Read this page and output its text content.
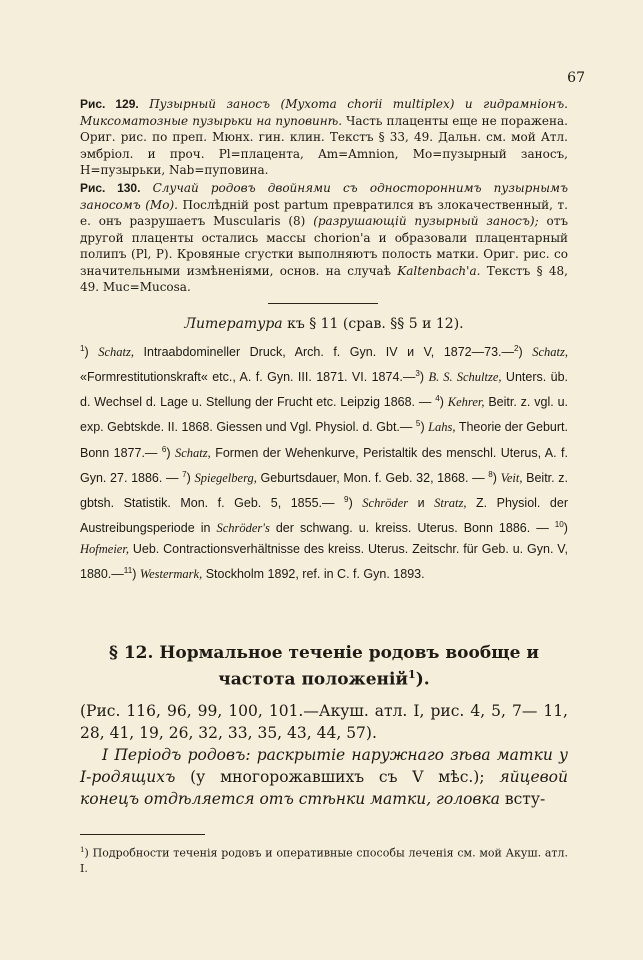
67

Рис. 129. Пузырный заносъ (Myxoma chorii multiplex) и гидрамніонъ. Миксоматозные пузырьки на пуповинѣ. Часть плаценты еще не поражена. Ориг. рис. по преп. Мюнх. гин. клин. Текстъ § 33, 49. Дальн. см. мой Атл. эмбріол. и проч. Pl=плацента, Am=Amnion, Mo=пузырный заносъ, H=пузырьки, Nab=пуповина.

Рис. 130. Случай родовъ двойнями съ одностороннимъ пузырнымъ заносомъ (Mo). Послѣдній post partum превратился въ злокачественный, т. е. онъ разрушаетъ Muscularis (8) (разрушающій пузырный заносъ); отъ другой плаценты остались массы chorion'a и образовали плацентарный полипъ (Pl, P). Кровяные сгустки выполняютъ полость матки. Ориг. рис. со значительными измѣненіями, основ. на случаѣ Kaltenbach'a. Текстъ § 48, 49. Muc=Mucosa.

Литература къ § 11 (срав. §§ 5 и 12).

$^1$) Schatz, Intraabdomineller Druck, Arch. f. Gyn. IV и V, 1872—73.—$^2$) Schatz, «Formrestitutionskraft« etc., A. f. Gyn. III. 1871. VI. 1874.—$^3$) B. S. Schultze, Unters. üb. d. Wechsel d. Lage u. Stellung der Frucht etc. Leipzig 1868. — $^4$) Kehrer, Beitr. z. vgl. u. exp. Gebtskde. II. 1868. Giessen und Vgl. Physiol. d. Gbt.— $^5$) Lahs, Theorie der Geburt. Bonn 1877.— $^6$) Schatz, Formen der Wehenkurve, Peristaltik des menschl. Uterus, A. f. Gyn. 27. 1886. — $^7$) Spiegelberg, Geburtsdauer, Mon. f. Geb. 32, 1868. — $^8$) Veit, Beitr. z. gbtsh. Statistik. Mon. f. Geb. 5, 1855.— $^9$) Schröder и Stratz, Z. Physiol. der Austreibungsperiode in Schröder's der schwang. u. kreiss. Uterus. Bonn 1886. — $^{10}$) Hofmeier, Ueb. Contractionsverhältnisse des kreiss. Uterus. Zeitschr. für Geb. u. Gyn. V, 1880.—$^{11}$) Westermark, Stockholm 1892, ref. in C. f. Gyn. 1893.

§ 12. Нормальное теченіе родовъ вообще и частота положеній$^1$).
(Рис. 116, 96, 99, 100, 101.—Акуш. атл. I, рис. 4, 5, 7— 11, 28, 41, 19, 26, 32, 33, 35, 43, 44, 57).
I Періодъ родовъ: раскрытіе наружнаго зѣва матки у I-родящихъ (у многорожавшихъ съ V мѣс.); яйцевой конецъ отдѣляется отъ стѣнки матки, головка всту-
$^1$) Подробности теченія родовъ и оперативные способы леченія см. мой Акуш. атл. I.
